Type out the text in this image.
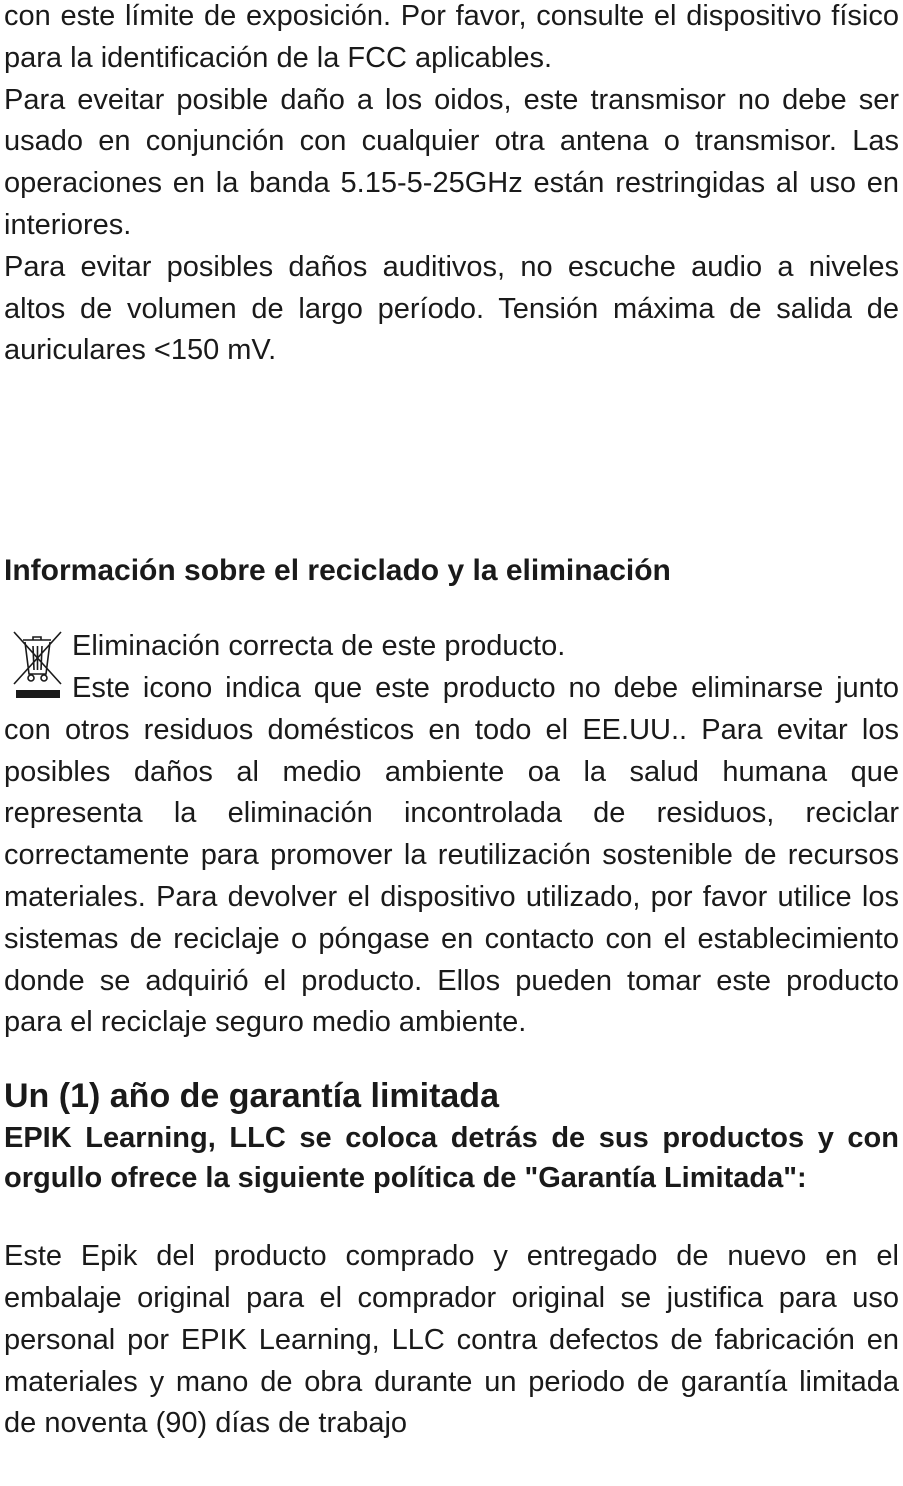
con este límite de exposición. Por favor, consulte el dispositivo físico para la identificación de la FCC aplicables.

Para eveitar posible daño a los oidos, este transmisor no debe ser usado en conjunción con cualquier otra antena o transmisor. Las operaciones en la banda 5.15-5-25GHz están restringidas al uso en interiores.

Para evitar posibles daños auditivos, no escuche audio a niveles altos de volumen de largo período. Tensión máxima de salida de auriculares <150 mV.

Información sobre el reciclado y la eliminación

Eliminación correcta de este producto.

Este icono indica que este producto no debe eliminarse junto con otros residuos domésticos en todo el EE.UU.. Para evitar los posibles daños al medio ambiente oa la salud humana que representa la eliminación incontrolada de residuos, reciclar correctamente para promover la reutilización sostenible de recursos materiales. Para devolver el dispositivo utilizado, por favor utilice los sistemas de reciclaje o póngase en contacto con el establecimiento donde se adquirió el producto. Ellos pueden tomar este producto para el reciclaje seguro medio ambiente.

Un (1) año de garantía limitada

EPIK Learning, LLC se coloca detrás de sus productos y con orgullo ofrece la siguiente política de "Garantía Limitada":

Este Epik del producto comprado y entregado de nuevo en el embalaje original para el comprador original se justifica para uso personal por EPIK Learning, LLC contra defectos de fabricación en materiales y mano de obra durante un periodo de garantía limitada de noventa (90) días de trabajo
